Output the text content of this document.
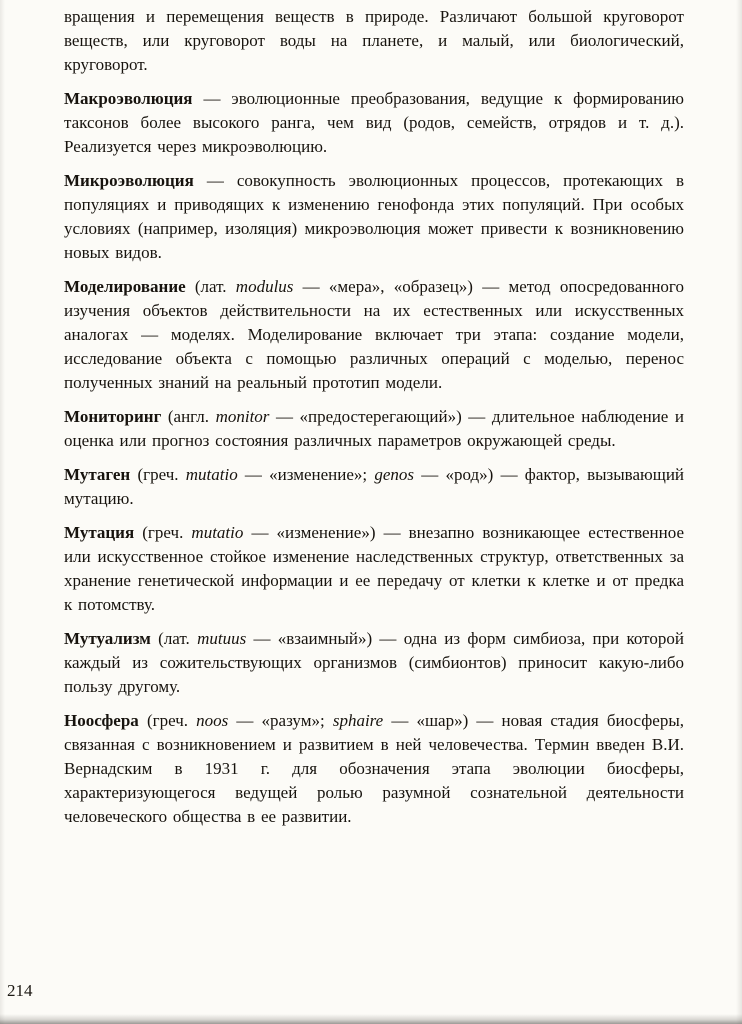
вращения и перемещения веществ в природе. Различают большой круговорот веществ, или круговорот воды на планете, и малый, или биологический, круговорот.

Макроэволюция — эволюционные преобразования, ведущие к формированию таксонов более высокого ранга, чем вид (родов, семейств, отрядов и т. д.). Реализуется через микроэволюцию.

Микроэволюция — совокупность эволюционных процессов, протекающих в популяциях и приводящих к изменению генофонда этих популяций. При особых условиях (например, изоляция) микроэволюция может привести к возникновению новых видов.

Моделирование (лат. modulus — «мера», «образец») — метод опосредованного изучения объектов действительности на их естественных или искусственных аналогах — моделях. Моделирование включает три этапа: создание модели, исследование объекта с помощью различных операций с моделью, перенос полученных знаний на реальный прототип модели.

Мониторинг (англ. monitor — «предостерегающий») — длительное наблюдение и оценка или прогноз состояния различных параметров окружающей среды.

Мутаген (греч. mutatio — «изменение»; genos — «род») — фактор, вызывающий мутацию.

Мутация (греч. mutatio — «изменение») — внезапно возникающее естественное или искусственное стойкое изменение наследственных структур, ответственных за хранение генетической информации и ее передачу от клетки к клетке и от предка к потомству.

Мутуализм (лат. mutuus — «взаимный») — одна из форм симбиоза, при которой каждый из сожительствующих организмов (симбионтов) приносит какую-либо пользу другому.

Ноосфера (греч. noos — «разум»; sphaire — «шар») — новая стадия биосферы, связанная с возникновением и развитием в ней человечества. Термин введен В.И. Вернадским в 1931 г. для обозначения этапа эволюции биосферы, характеризующегося ведущей ролью разумной сознательной деятельности человеческого общества в ее развитии.

214
